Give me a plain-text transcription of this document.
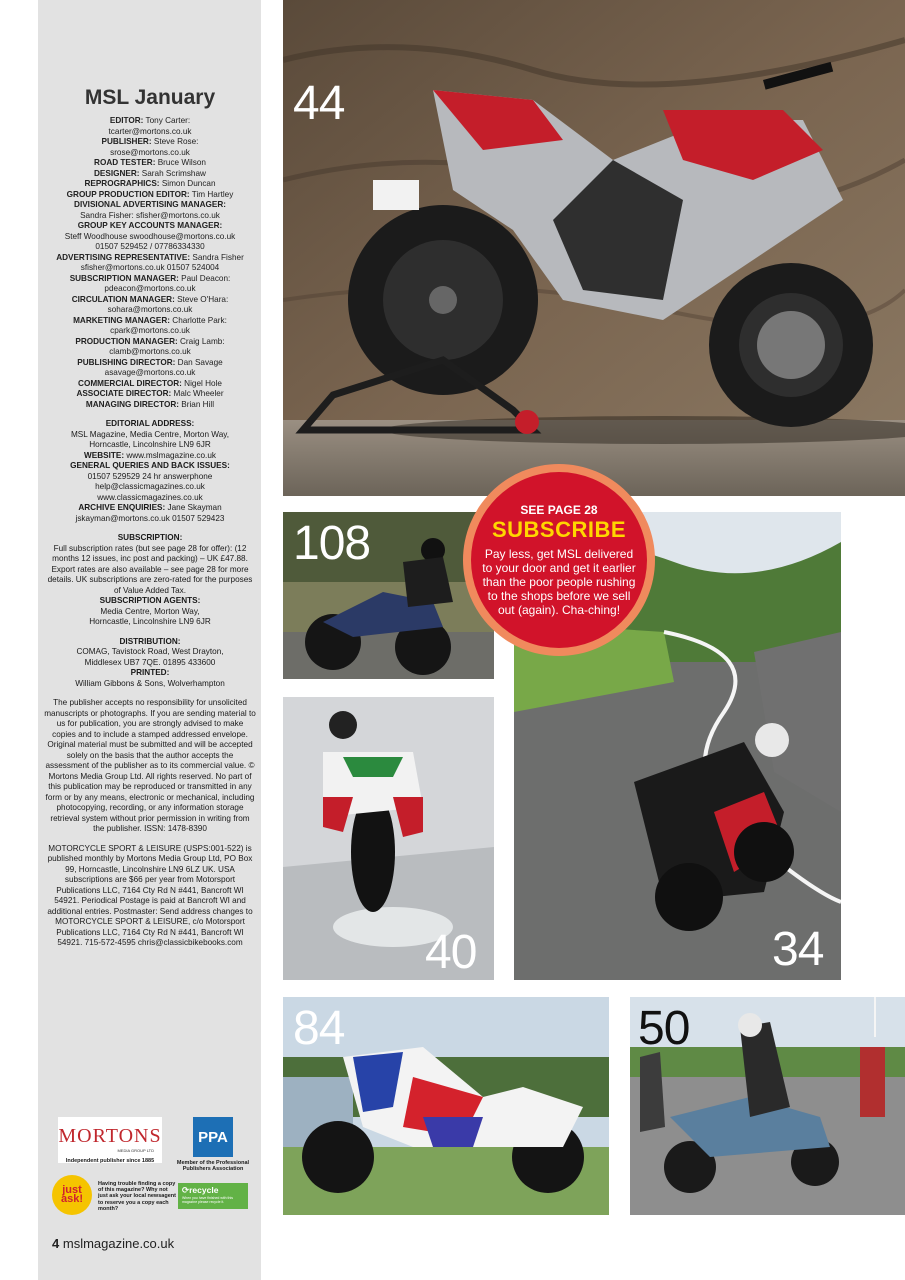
MSL January
EDITOR: Tony Carter:
tcarter@mortons.co.uk
PUBLISHER: Steve Rose:
srose@mortons.co.uk
ROAD TESTER: Bruce Wilson
DESIGNER: Sarah Scrimshaw
REPROGRAPHICS: Simon Duncan
GROUP PRODUCTION EDITOR: Tim Hartley
DIVISIONAL ADVERTISING MANAGER:
Sandra Fisher: sfisher@mortons.co.uk
GROUP KEY ACCOUNTS MANAGER:
Steff Woodhouse swoodhouse@mortons.co.uk
01507 529452 / 07786334330
ADVERTISING REPRESENTATIVE: Sandra Fisher
sfisher@mortons.co.uk 01507 524004
SUBSCRIPTION MANAGER: Paul Deacon:
pdeacon@mortons.co.uk
CIRCULATION MANAGER: Steve O'Hara:
sohara@mortons.co.uk
MARKETING MANAGER: Charlotte Park:
cpark@mortons.co.uk
PRODUCTION MANAGER: Craig Lamb:
clamb@mortons.co.uk
PUBLISHING DIRECTOR: Dan Savage
asavage@mortons.co.uk
COMMERCIAL DIRECTOR: Nigel Hole
ASSOCIATE DIRECTOR: Malc Wheeler
MANAGING DIRECTOR: Brian Hill
EDITORIAL ADDRESS:
MSL Magazine, Media Centre, Morton Way,
Horncastle, Lincolnshire LN9 6JR
WEBSITE: www.mslmagazine.co.uk
GENERAL QUERIES AND BACK ISSUES:
01507 529529 24 hr answerphone
help@classicmagazines.co.uk
www.classicmagazines.co.uk
ARCHIVE ENQUIRIES: Jane Skayman
jskayman@mortons.co.uk 01507 529423
SUBSCRIPTION:
Full subscription rates (but see page 28 for offer): (12 months 12 issues, inc post and packing) – UK £47.88. Export rates are also available – see page 28 for more details. UK subscriptions are zero-rated for the purposes of Value Added Tax.
SUBSCRIPTION AGENTS:
Media Centre, Morton Way,
Horncastle, Lincolnshire LN9 6JR
DISTRIBUTION:
COMAG, Tavistock Road, West Drayton,
Middlesex UB7 7QE. 01895 433600
PRINTED:
William Gibbons & Sons, Wolverhampton
The publisher accepts no responsibility for unsolicited manuscripts or photographs. If you are sending material to us for publication, you are strongly advised to make copies and to include a stamped addressed envelope. Original material must be submitted and will be accepted solely on the basis that the author accepts the assessment of the publisher as to its commercial value. © Mortons Media Group Ltd. All rights reserved. No part of this publication may be reproduced or transmitted in any form or by any means, electronic or mechanical, including photocopying, recording, or any information storage retrieval system without prior permission in writing from the publisher. ISSN: 1478-8390
MOTORCYCLE SPORT & LEISURE (USPS:001-522) is published monthly by Mortons Media Group Ltd, PO Box 99, Horncastle, Lincolnshire LN9 6LZ UK. USA subscriptions are $66 per year from Motorsport Publications LLC, 7164 Cty Rd N #441, Bancroft WI 54921. Periodical Postage is paid at Bancroft WI and additional entries. Postmaster: Send address changes to MOTORCYCLE SPORT & LEISURE, c/o Motorsport Publications LLC, 7164 Cty Rd N #441, Bancroft WI 54921. 715-572-4595 chris@classicbikebooks.com
MORTONS
MEDIA GROUP LTD
Independent publisher since 1885
PPA
Member of the Professional Publishers Association
just ask!
Having trouble finding a copy of this magazine? Why not just ask your local newsagent to reserve you a copy each month?
⟳recycle
When you have finished with this magazine please recycle it.
4 mslmagazine.co.uk
44
108
40	34
84	50
SEE PAGE 28
SUBSCRIBE
Pay less, get MSL delivered to your door and get it earlier than the poor people rushing to the shops before we sell out (again). Cha-ching!
